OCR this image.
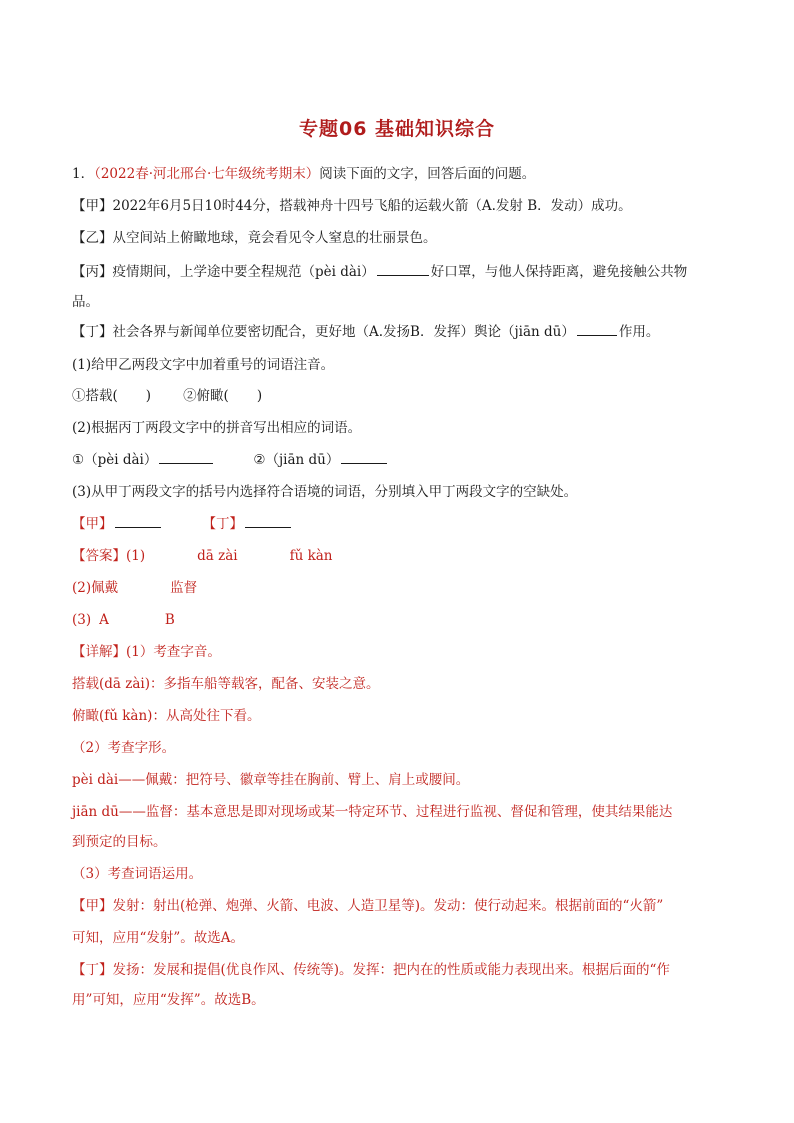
专题06 基础知识综合
1．（2022春·河北邢台·七年级统考期末）阅读下面的文字，回答后面的问题。
【甲】2022年6月5日10时44分，搭载神舟十四号飞船的运载火箭（A.发射 B．发动）成功。
【乙】从空间站上俯瞰地球，竟会看见令人窒息的壮丽景色。
【丙】疫情期间，上学途中要全程规范（pèi dài）	好口罩，与他人保持距离，避免接触公共物
品。
【丁】社会各界与新闻单位要密切配合，更好地（A.发扬B．发挥）舆论（jiān dū）	作用。
(1)给甲乙两段文字中加着重号的词语注音。
①搭载( ) ②俯瞰( )
(2)根据丙丁两段文字中的拼音写出相应的词语。
①（pèi dài）	②（jiān dū）
(3)从甲丁两段文字的括号内选择符合语境的词语，分别填入甲丁两段文字的空缺处。
【甲】	【丁】
【答案】(1)	dā zài	fǔ kàn
(2)佩戴	监督
(3) A	B
【详解】(1）考查字音。
搭载(dā zài)：多指车船等载客，配备、安装之意。
俯瞰(fǔ kàn)：从高处往下看。
（2）考查字形。
pèi dài——佩戴：把符号、徽章等挂在胸前、臂上、肩上或腰间。
jiān dū——监督：基本意思是即对现场或某一特定环节、过程进行监视、督促和管理，使其结果能达
到预定的目标。
（3）考查词语运用。
【甲】发射：射出(枪弹、炮弹、火箭、电波、人造卫星等)。发动：使行动起来。根据前面的“火箭”
可知，应用“发射”。故选A。
【丁】发扬：发展和提倡(优良作风、传统等)。发挥：把内在的性质或能力表现出来。根据后面的“作
用”可知，应用“发挥”。故选B。
